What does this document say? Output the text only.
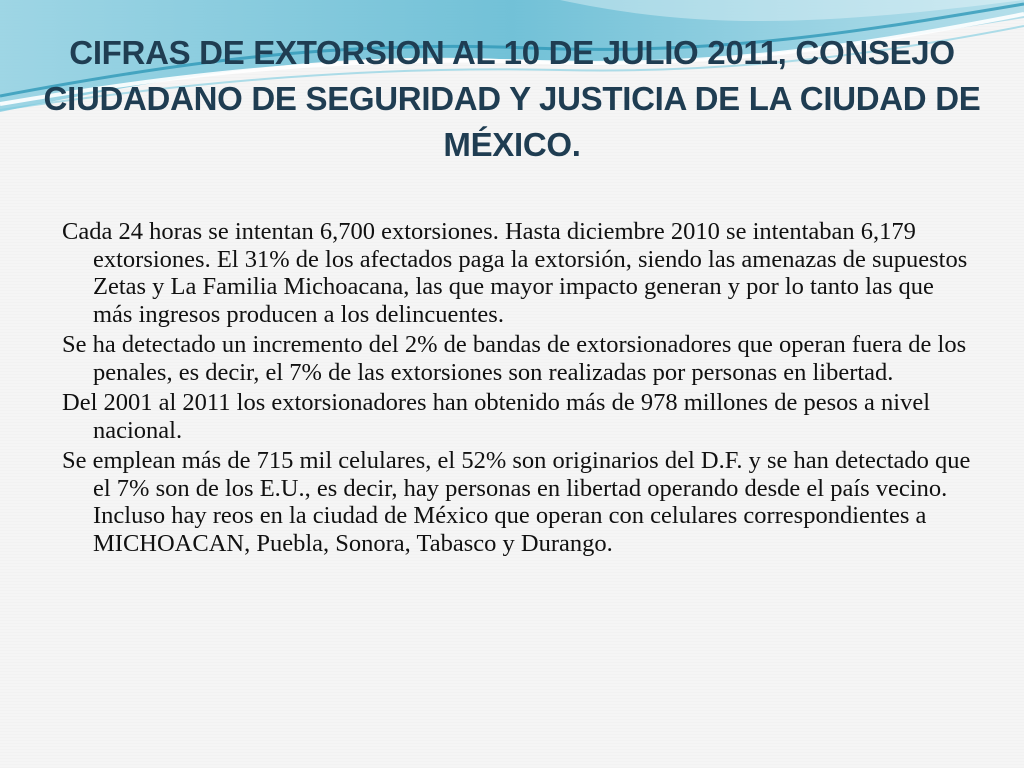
CIFRAS DE EXTORSION AL 10 DE JULIO 2011, CONSEJO CIUDADANO DE SEGURIDAD Y JUSTICIA DE LA CIUDAD DE MÉXICO.
Cada 24 horas se intentan 6,700 extorsiones. Hasta diciembre 2010 se intentaban 6,179 extorsiones. El 31% de los afectados paga la extorsión, siendo las amenazas de supuestos Zetas y La Familia Michoacana, las que mayor impacto generan y por lo tanto las que más ingresos producen a los delincuentes.
Se ha detectado un incremento del 2% de bandas de extorsionadores que operan fuera de los penales, es decir, el 7% de las extorsiones son realizadas por personas en libertad.
Del 2001 al 2011 los extorsionadores han obtenido más de 978 millones de pesos a nivel nacional.
Se emplean más de 715 mil celulares, el 52% son originarios del D.F. y se han detectado que el 7% son de los E.U., es decir, hay personas en libertad operando desde el país vecino. Incluso hay reos en la ciudad de México que operan con celulares correspondientes a MICHOACAN, Puebla, Sonora, Tabasco y Durango.
